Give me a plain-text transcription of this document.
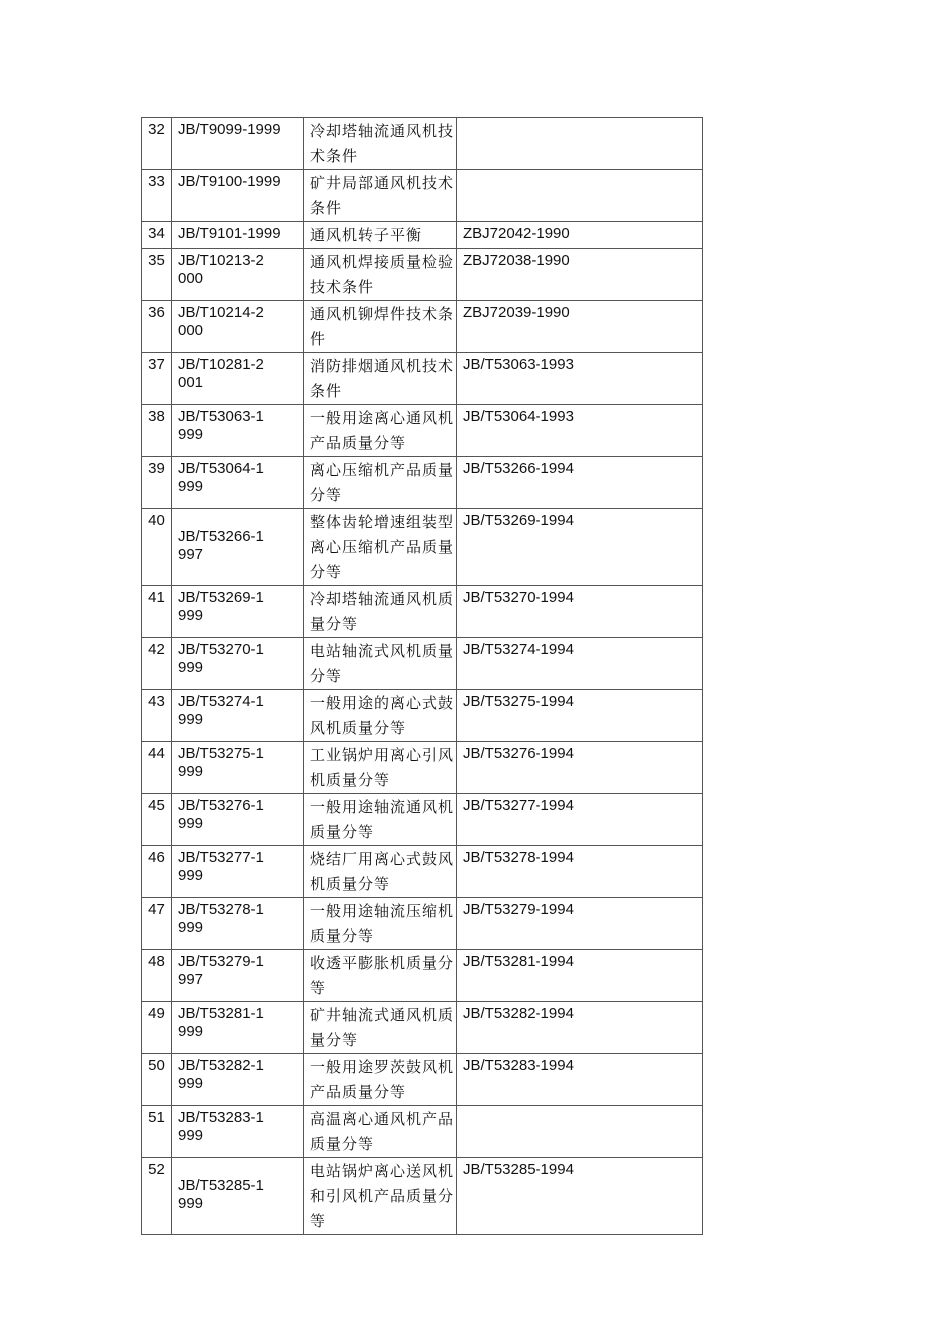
32	JB/T9099-1999	冷却塔轴流通风机技术条件	

33	JB/T9100-1999	矿井局部通风机技术条件	

34	JB/T9101-1999	通风机转子平衡	ZBJ72042-1990

35	JB/T10213-2000	通风机焊接质量检验技术条件	ZBJ72038-1990

36	JB/T10214-2000	通风机铆焊件技术条件	ZBJ72039-1990

37	JB/T10281-2001	消防排烟通风机技术条件	JB/T53063-1993

38	JB/T53063-1999	一般用途离心通风机产品质量分等	JB/T53064-1993

39	JB/T53064-1999	离心压缩机产品质量分等	JB/T53266-1994

40	JB/T53266-1997	整体齿轮增速组装型离心压缩机产品质量分等	JB/T53269-1994

41	JB/T53269-1999	冷却塔轴流通风机质量分等	JB/T53270-1994

42	JB/T53270-1999	电站轴流式风机质量分等	JB/T53274-1994

43	JB/T53274-1999	一般用途的离心式鼓风机质量分等	JB/T53275-1994

44	JB/T53275-1999	工业锅炉用离心引风机质量分等	JB/T53276-1994

45	JB/T53276-1999	一般用途轴流通风机质量分等	JB/T53277-1994

46	JB/T53277-1999	烧结厂用离心式鼓风机质量分等	JB/T53278-1994

47	JB/T53278-1999	一般用途轴流压缩机质量分等	JB/T53279-1994

48	JB/T53279-1997	收透平膨胀机质量分等	JB/T53281-1994

49	JB/T53281-1999	矿井轴流式通风机质量分等	JB/T53282-1994

50	JB/T53282-1999	一般用途罗茨鼓风机产品质量分等	JB/T53283-1994

51	JB/T53283-1999	高温离心通风机产品质量分等	

52	JB/T53285-1999	电站锅炉离心送风机和引风机产品质量分等	JB/T53285-1994
